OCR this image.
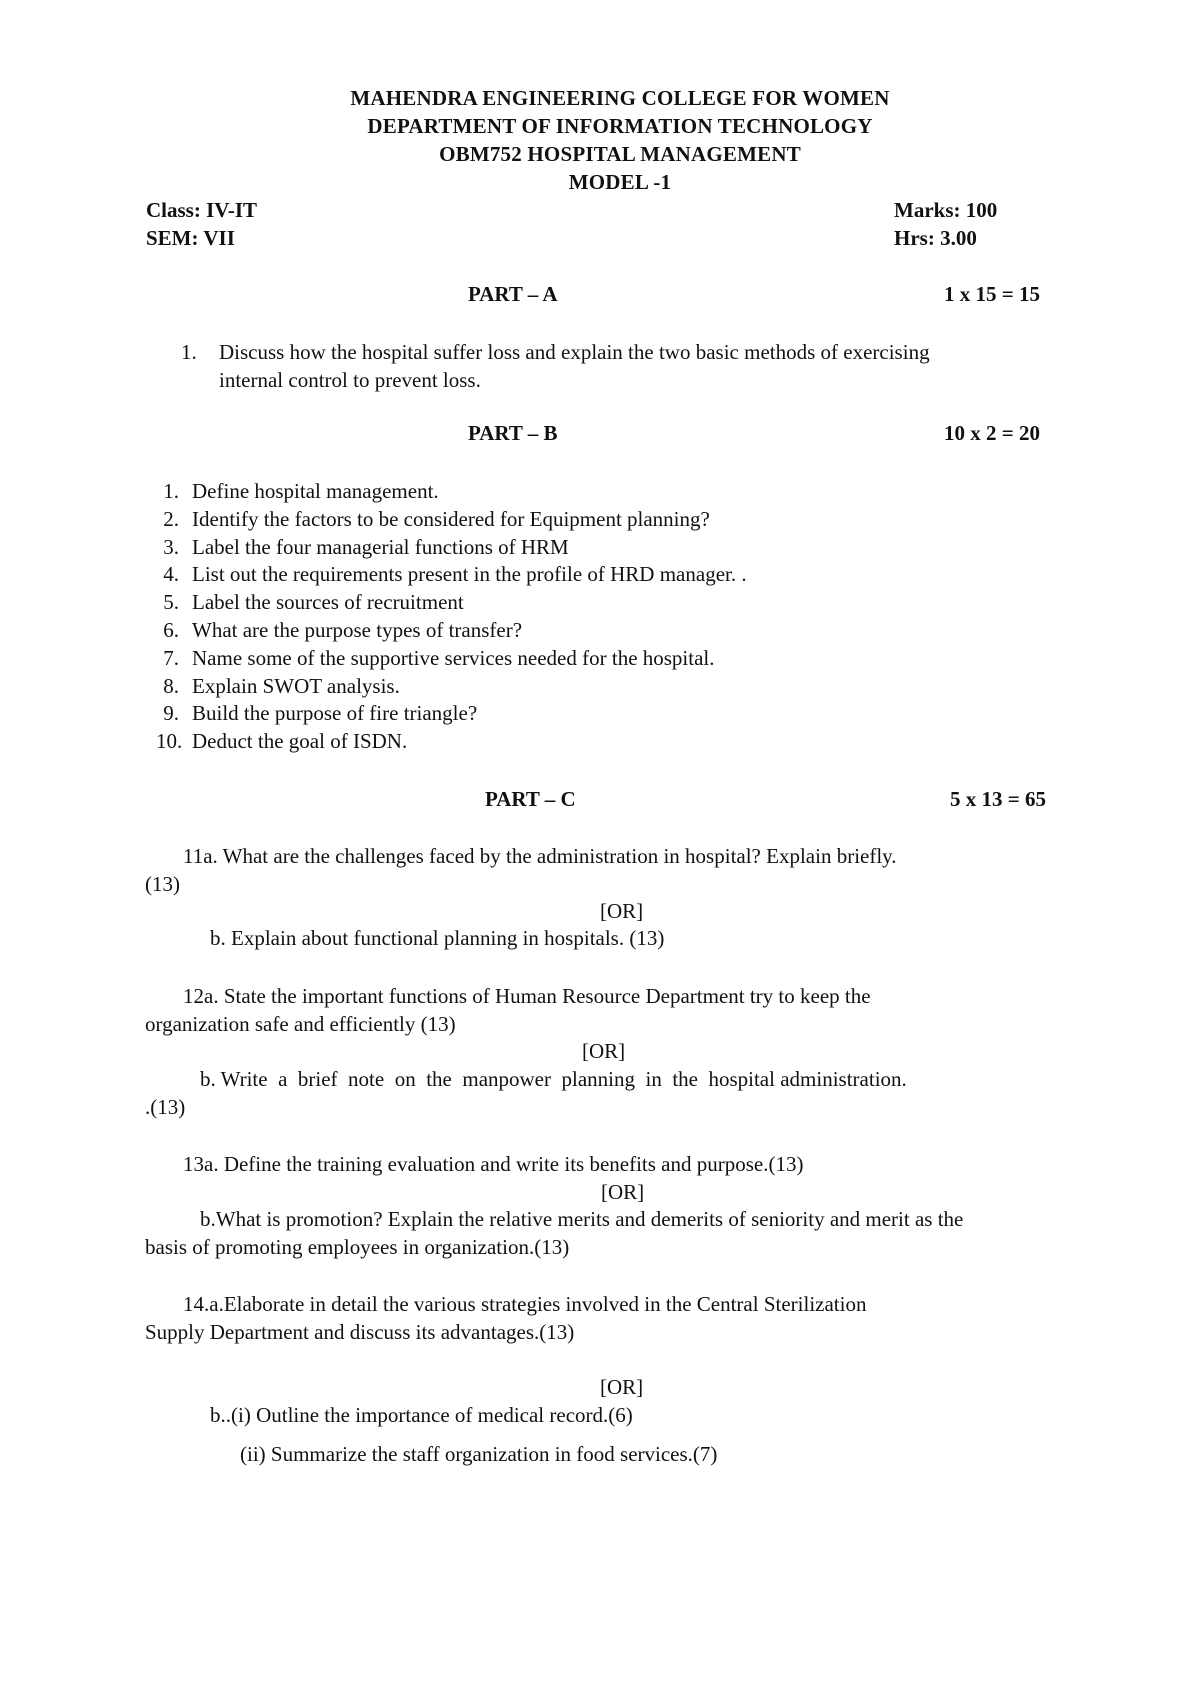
MAHENDRA ENGINEERING COLLEGE FOR WOMEN
DEPARTMENT OF INFORMATION TECHNOLOGY
OBM752 HOSPITAL MANAGEMENT
MODEL -1
Class: IV-IT	Marks: 100
SEM: VII	Hrs: 3.00
PART – A	1 x 15 = 15
1. Discuss how the hospital suffer loss and explain the two basic methods of exercising
internal control to prevent loss.
PART – B	10 x 2 = 20
1. Define hospital management.
2. Identify the factors to be considered for Equipment planning?
3. Label the four managerial functions of HRM
4. List out the requirements present in the profile of HRD manager. .
5. Label the sources of recruitment
6. What are the purpose types of transfer?
7. Name some of the supportive services needed for the hospital.
8. Explain SWOT analysis.
9. Build the purpose of fire triangle?
10. Deduct the goal of ISDN.
PART – C	5 x 13 = 65
11a. What are the challenges faced by the administration in hospital? Explain briefly.
(13)
[OR]
b. Explain about functional planning in hospitals. (13)
12a. State the important functions of Human Resource Department try to keep the
organization safe and efficiently (13)
[OR]
b. Write  a  brief  note  on  the  manpower  planning  in  the  hospital administration.
.(13)
13a. Define the training evaluation and write its benefits and purpose.(13)
[OR]
b.What is promotion? Explain the relative merits and demerits of seniority and merit as the
basis of promoting employees in organization.(13)
14.a.Elaborate in detail the various strategies involved in the Central Sterilization
Supply Department and discuss its advantages.(13)
[OR]
b..(i) Outline the importance of medical record.(6)
(ii) Summarize the staff organization in food services.(7)
